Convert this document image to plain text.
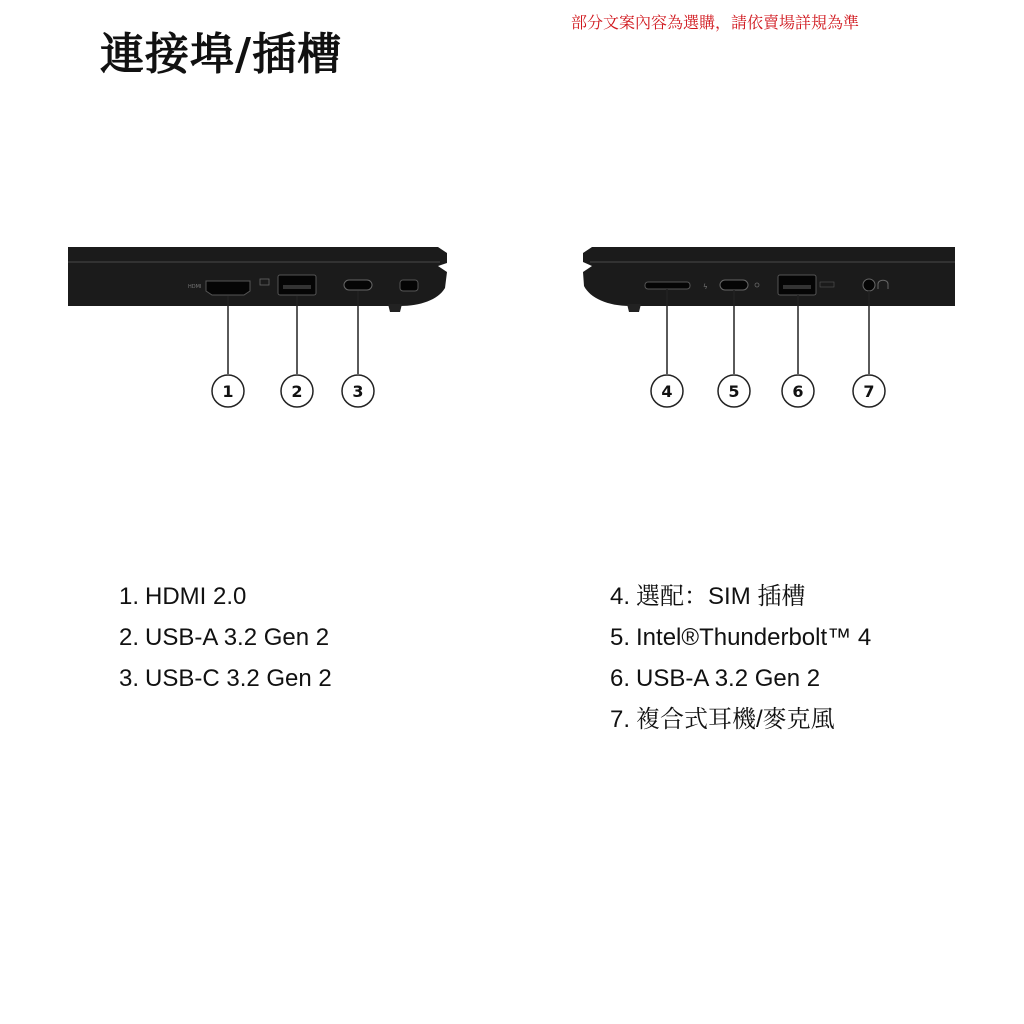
連接埠/插槽
部分文案內容為選購，請依賣場詳規為準
HDMI
1	2	3
ϟ
4	5	6	7
1. HDMI 2.0
2. USB-A 3.2 Gen 2
3. USB-C 3.2 Gen 2
4. 選配：SIM 插槽
5. Intel®Thunderbolt™ 4
6. USB-A 3.2 Gen 2
7. 複合式耳機/麥克風
